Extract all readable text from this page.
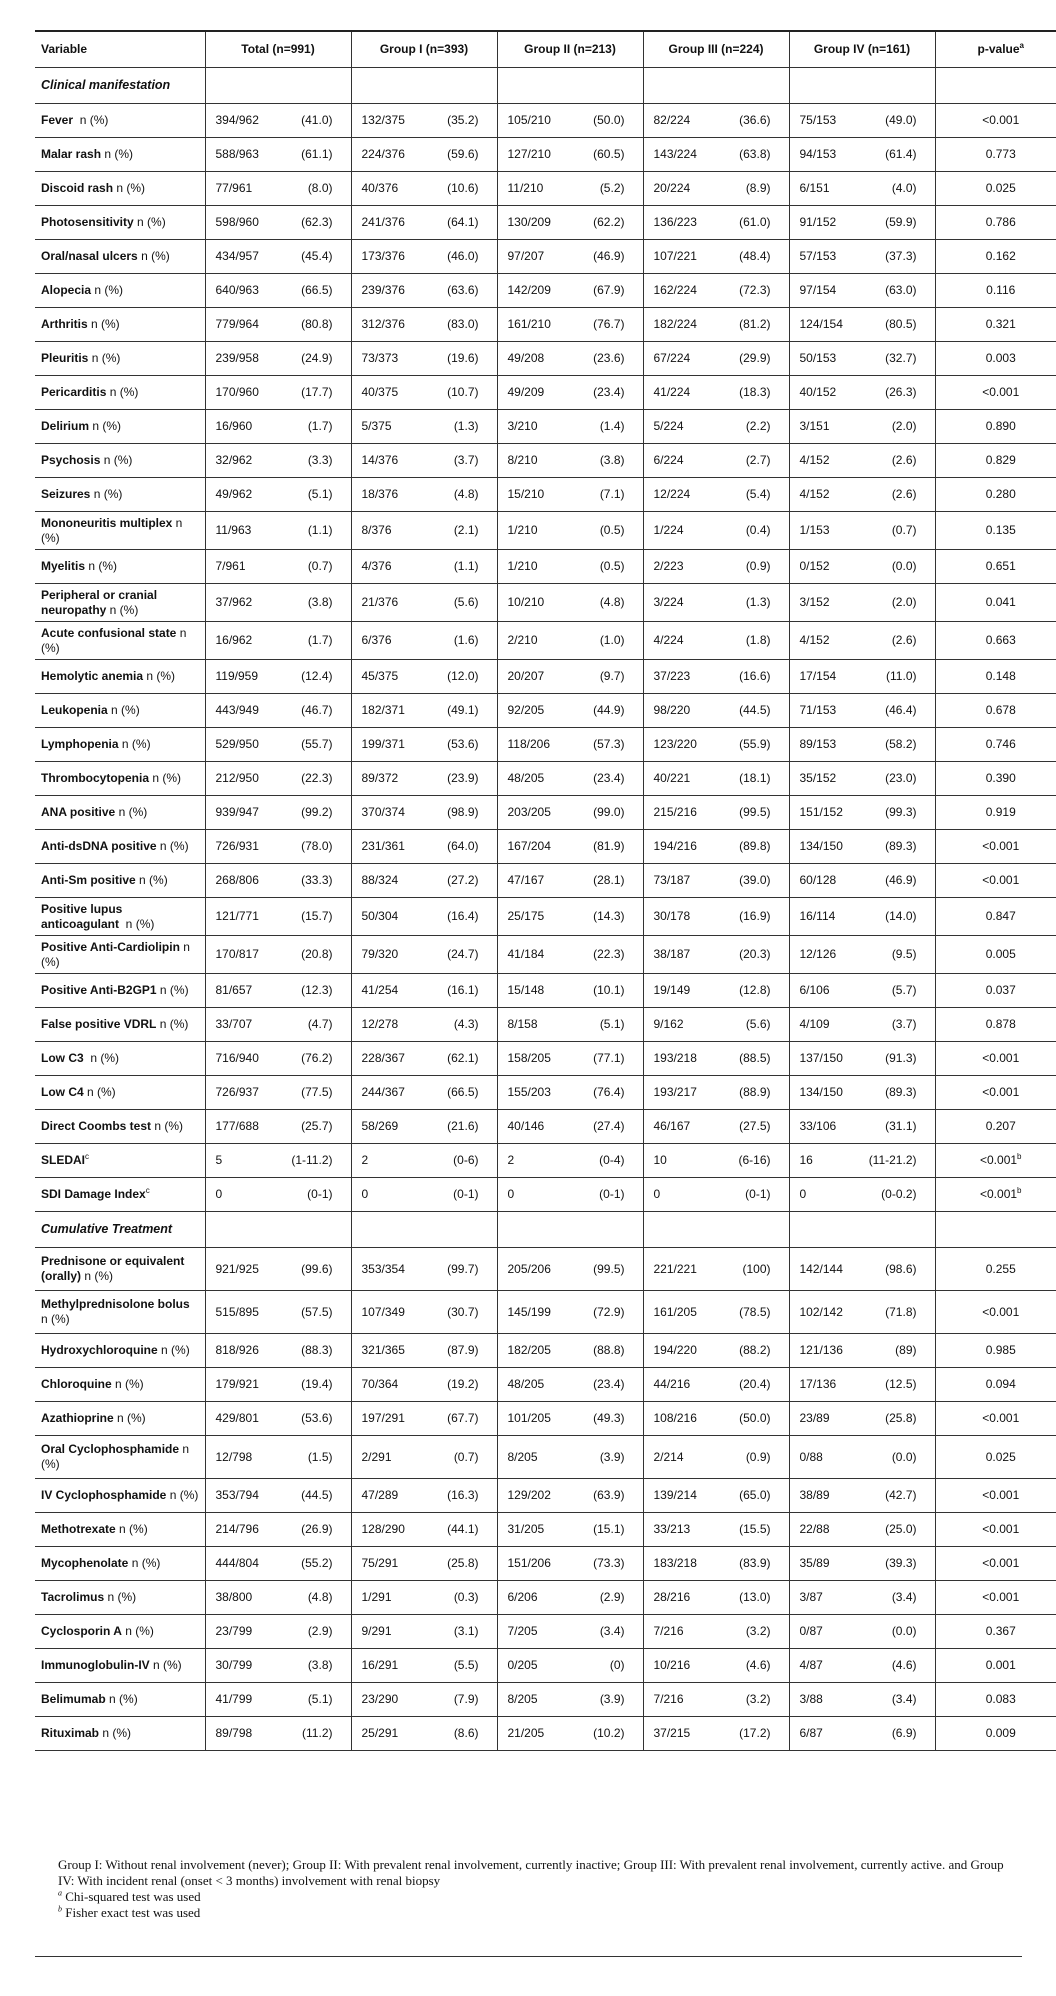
Variable	Total (n=991)	Group I (n=393)	Group II (n=213)	Group III (n=224)	Group IV (n=161)	p-value$^a$
Clinical manifestation						
Fever  n (%)	394/962 (41.0)	132/375 (35.2)	105/210 (50.0)	82/224 (36.6)	75/153 (49.0)	<0.001
Malar rash n (%)	588/963 (61.1)	224/376 (59.6)	127/210 (60.5)	143/224 (63.8)	94/153 (61.4)	0.773
Discoid rash n (%)	77/961 (8.0)	40/376 (10.6)	11/210 (5.2)	20/224 (8.9)	6/151 (4.0)	0.025
Photosensitivity n (%)	598/960 (62.3)	241/376 (64.1)	130/209 (62.2)	136/223 (61.0)	91/152 (59.9)	0.786
Oral/nasal ulcers n (%)	434/957 (45.4)	173/376 (46.0)	97/207 (46.9)	107/221 (48.4)	57/153 (37.3)	0.162
Alopecia n (%)	640/963 (66.5)	239/376 (63.6)	142/209 (67.9)	162/224 (72.3)	97/154 (63.0)	0.116
Arthritis n (%)	779/964 (80.8)	312/376 (83.0)	161/210 (76.7)	182/224 (81.2)	124/154 (80.5)	0.321
Pleuritis n (%)	239/958 (24.9)	73/373 (19.6)	49/208 (23.6)	67/224 (29.9)	50/153 (32.7)	0.003
Pericarditis n (%)	170/960 (17.7)	40/375 (10.7)	49/209 (23.4)	41/224 (18.3)	40/152 (26.3)	<0.001
Delirium n (%)	16/960 (1.7)	5/375 (1.3)	3/210 (1.4)	5/224 (2.2)	3/151 (2.0)	0.890
Psychosis n (%)	32/962 (3.3)	14/376 (3.7)	8/210 (3.8)	6/224 (2.7)	4/152 (2.6)	0.829
Seizures n (%)	49/962 (5.1)	18/376 (4.8)	15/210 (7.1)	12/224 (5.4)	4/152 (2.6)	0.280
Mononeuritis multiplex n (%)	11/963 (1.1)	8/376 (2.1)	1/210 (0.5)	1/224 (0.4)	1/153 (0.7)	0.135
Myelitis n (%)	7/961 (0.7)	4/376 (1.1)	1/210 (0.5)	2/223 (0.9)	0/152 (0.0)	0.651
Peripheral or cranial neuropathy n (%)	37/962 (3.8)	21/376 (5.6)	10/210 (4.8)	3/224 (1.3)	3/152 (2.0)	0.041
Acute confusional state n (%)	16/962 (1.7)	6/376 (1.6)	2/210 (1.0)	4/224 (1.8)	4/152 (2.6)	0.663
Hemolytic anemia n (%)	119/959 (12.4)	45/375 (12.0)	20/207 (9.7)	37/223 (16.6)	17/154 (11.0)	0.148
Leukopenia n (%)	443/949 (46.7)	182/371 (49.1)	92/205 (44.9)	98/220 (44.5)	71/153 (46.4)	0.678
Lymphopenia n (%)	529/950 (55.7)	199/371 (53.6)	118/206 (57.3)	123/220 (55.9)	89/153 (58.2)	0.746
Thrombocytopenia n (%)	212/950 (22.3)	89/372 (23.9)	48/205 (23.4)	40/221 (18.1)	35/152 (23.0)	0.390
ANA positive n (%)	939/947 (99.2)	370/374 (98.9)	203/205 (99.0)	215/216 (99.5)	151/152 (99.3)	0.919
Anti-dsDNA positive n (%)	726/931 (78.0)	231/361 (64.0)	167/204 (81.9)	194/216 (89.8)	134/150 (89.3)	<0.001
Anti-Sm positive n (%)	268/806 (33.3)	88/324 (27.2)	47/167 (28.1)	73/187 (39.0)	60/128 (46.9)	<0.001
Positive lupus anticoagulant  n (%)	121/771 (15.7)	50/304 (16.4)	25/175 (14.3)	30/178 (16.9)	16/114 (14.0)	0.847
Positive Anti-Cardiolipin n (%)	170/817 (20.8)	79/320 (24.7)	41/184 (22.3)	38/187 (20.3)	12/126 (9.5)	0.005
Positive Anti-B2GP1 n (%)	81/657 (12.3)	41/254 (16.1)	15/148 (10.1)	19/149 (12.8)	6/106 (5.7)	0.037
False positive VDRL n (%)	33/707 (4.7)	12/278 (4.3)	8/158 (5.1)	9/162 (5.6)	4/109 (3.7)	0.878
Low C3  n (%)	716/940 (76.2)	228/367 (62.1)	158/205 (77.1)	193/218 (88.5)	137/150 (91.3)	<0.001
Low C4 n (%)	726/937 (77.5)	244/367 (66.5)	155/203 (76.4)	193/217 (88.9)	134/150 (89.3)	<0.001
Direct Coombs test n (%)	177/688 (25.7)	58/269 (21.6)	40/146 (27.4)	46/167 (27.5)	33/106 (31.1)	0.207
SLEDAI$^c$	5 (1-11.2)	2 (0-6)	2 (0-4)	10 (6-16)	16 (11-21.2)	<0.001$^b$
SDI Damage Index$^c$	0 (0-1)	0 (0-1)	0 (0-1)	0 (0-1)	0 (0-0.2)	<0.001$^b$
Cumulative Treatment						
Prednisone or equivalent (orally) n (%)	921/925 (99.6)	353/354 (99.7)	205/206 (99.5)	221/221 (100)	142/144 (98.6)	0.255
Methylprednisolone bolus n (%)	515/895 (57.5)	107/349 (30.7)	145/199 (72.9)	161/205 (78.5)	102/142 (71.8)	<0.001
Hydroxychloroquine n (%)	818/926 (88.3)	321/365 (87.9)	182/205 (88.8)	194/220 (88.2)	121/136 (89)	0.985
Chloroquine n (%)	179/921 (19.4)	70/364 (19.2)	48/205 (23.4)	44/216 (20.4)	17/136 (12.5)	0.094
Azathioprine n (%)	429/801 (53.6)	197/291 (67.7)	101/205 (49.3)	108/216 (50.0)	23/89 (25.8)	<0.001
Oral Cyclophosphamide n (%)	12/798 (1.5)	2/291 (0.7)	8/205 (3.9)	2/214 (0.9)	0/88 (0.0)	0.025
IV Cyclophosphamide n (%)	353/794 (44.5)	47/289 (16.3)	129/202 (63.9)	139/214 (65.0)	38/89 (42.7)	<0.001
Methotrexate n (%)	214/796 (26.9)	128/290 (44.1)	31/205 (15.1)	33/213 (15.5)	22/88 (25.0)	<0.001
Mycophenolate n (%)	444/804 (55.2)	75/291 (25.8)	151/206 (73.3)	183/218 (83.9)	35/89 (39.3)	<0.001
Tacrolimus n (%)	38/800 (4.8)	1/291 (0.3)	6/206 (2.9)	28/216 (13.0)	3/87 (3.4)	<0.001
Cyclosporin A n (%)	23/799 (2.9)	9/291 (3.1)	7/205 (3.4)	7/216 (3.2)	0/87 (0.0)	0.367
Immunoglobulin-IV n (%)	30/799 (3.8)	16/291 (5.5)	0/205 (0)	10/216 (4.6)	4/87 (4.6)	0.001
Belimumab n (%)	41/799 (5.1)	23/290 (7.9)	8/205 (3.9)	7/216 (3.2)	3/88 (3.4)	0.083
Rituximab n (%)	89/798 (11.2)	25/291 (8.6)	21/205 (10.2)	37/215 (17.2)	6/87 (6.9)	0.009

Group I: Without renal involvement (never); Group II: With prevalent renal involvement, currently inactive; Group III: With prevalent renal involvement, currently active. and Group IV: With incident renal (onset < 3 months) involvement with renal biopsy

$^a$ Chi-squared test was used

$^b$ Fisher exact test was used
